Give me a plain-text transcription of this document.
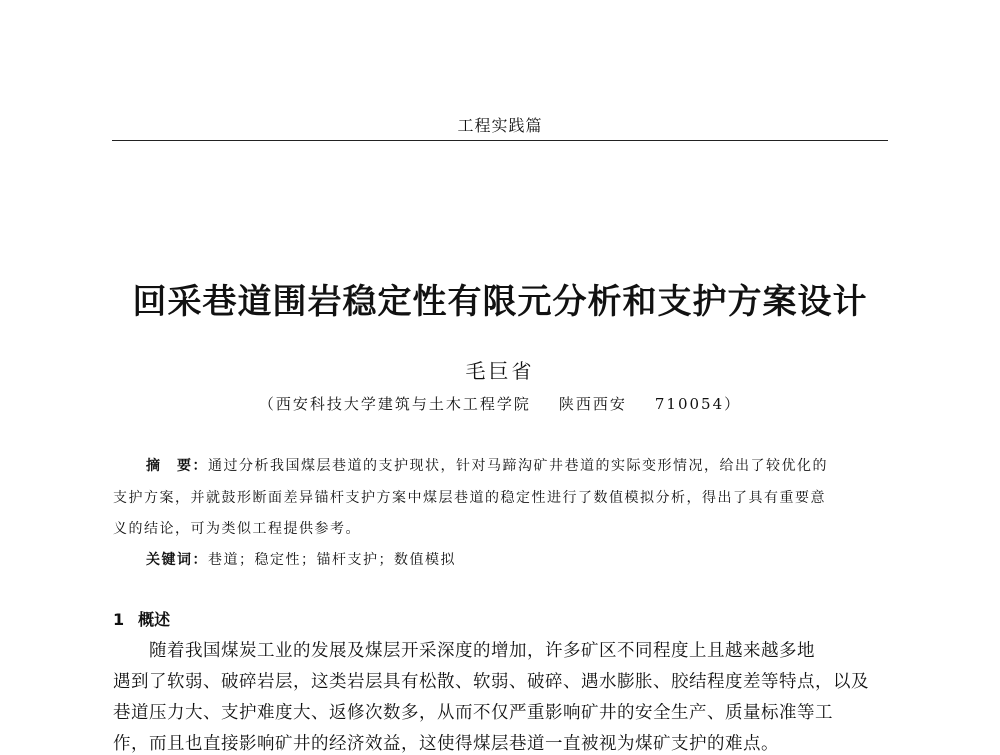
工程实践篇
回采巷道围岩稳定性有限元分析和支护方案设计
毛巨省
（西安科技大学建筑与土木工程学院 陕西西安 710054）
摘　要：通过分析我国煤层巷道的支护现状，针对马蹄沟矿井巷道的实际变形情况，给出了较优化的
支护方案，并就鼓形断面差异锚杆支护方案中煤层巷道的稳定性进行了数值模拟分析，得出了具有重要意
义的结论，可为类似工程提供参考。
关键词：巷道；稳定性；锚杆支护；数值模拟
1 概述
　　随着我国煤炭工业的发展及煤层开采深度的增加，许多矿区不同程度上且越来越多地
遇到了软弱、破碎岩层，这类岩层具有松散、软弱、破碎、遇水膨胀、胶结程度差等特点，以及
巷道压力大、支护难度大、返修次数多，从而不仅严重影响矿井的安全生产、质量标准等工
作，而且也直接影响矿井的经济效益，这使得煤层巷道一直被视为煤矿支护的难点。
